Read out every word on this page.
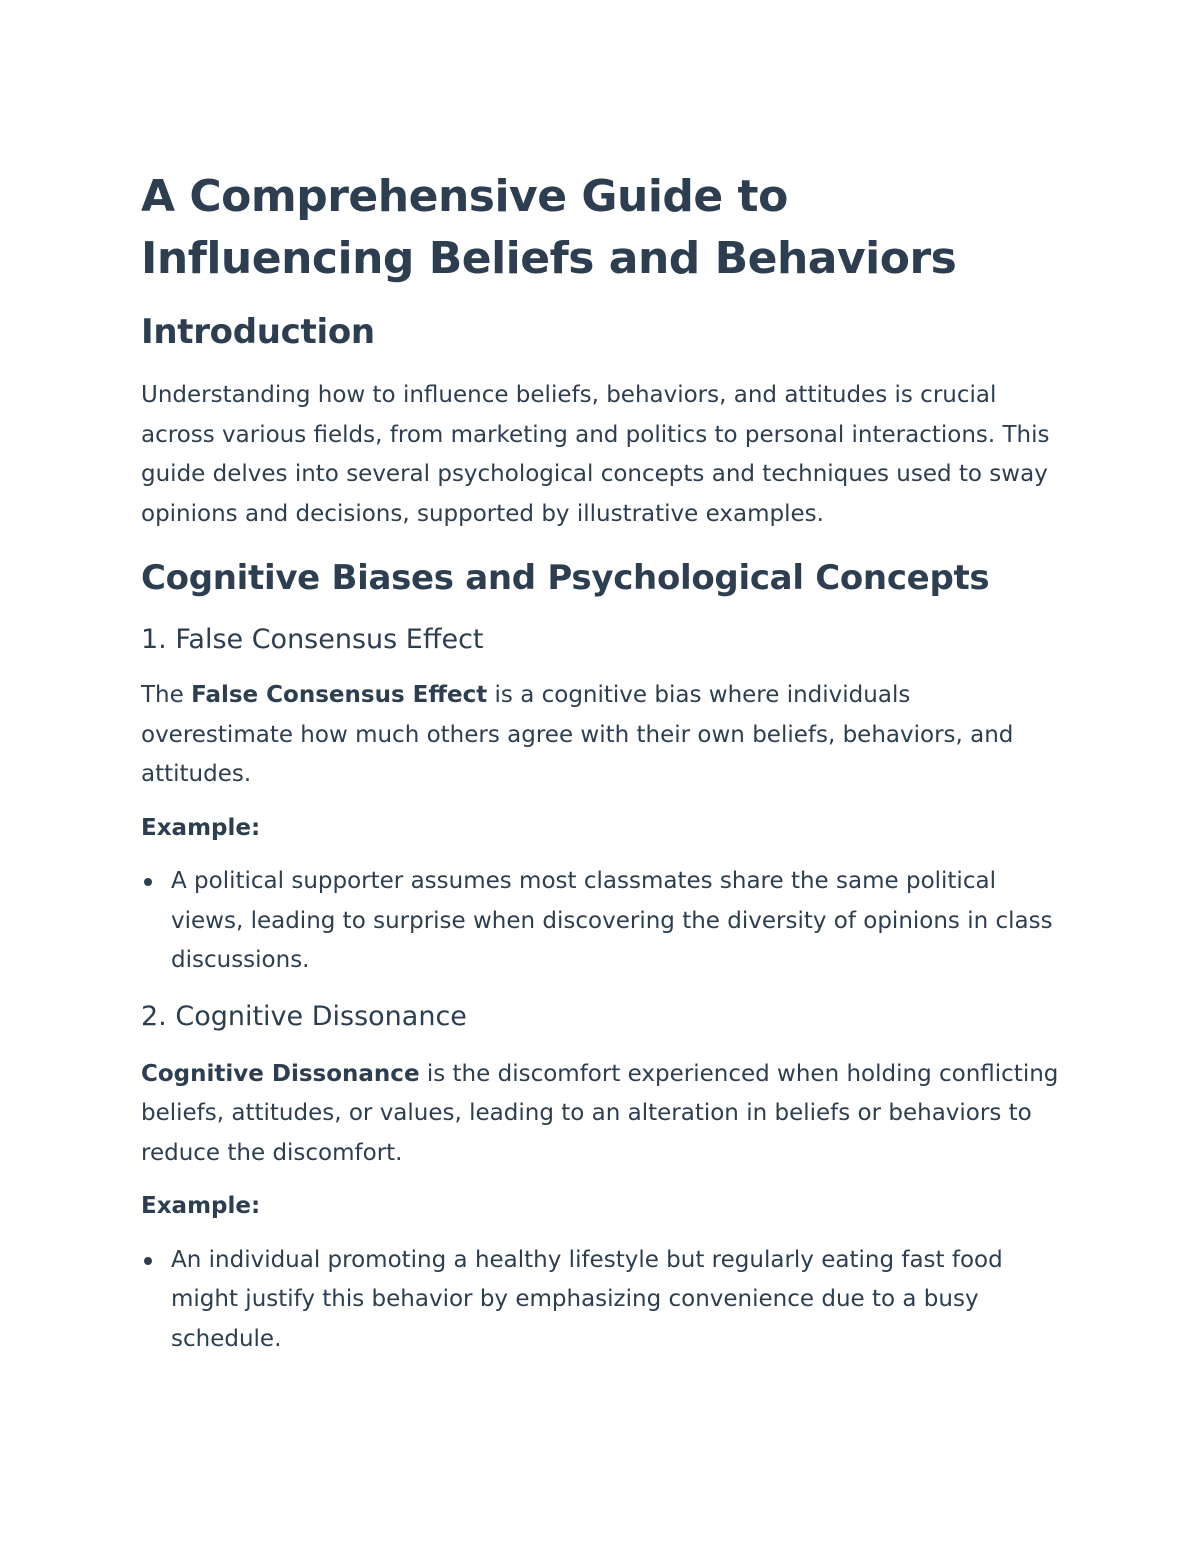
A Comprehensive Guide to Influencing Beliefs and Behaviors
Introduction

Understanding how to influence beliefs, behaviors, and attitudes is crucial across various fields, from marketing and politics to personal interactions. This guide delves into several psychological concepts and techniques used to sway opinions and decisions, supported by illustrative examples.

Cognitive Biases and Psychological Concepts
1. False Consensus Effect

The False Consensus Effect is a cognitive bias where individuals overestimate how much others agree with their own beliefs, behaviors, and attitudes.

Example:

A political supporter assumes most classmates share the same political views, leading to surprise when discovering the diversity of opinions in class discussions.
2. Cognitive Dissonance

Cognitive Dissonance is the discomfort experienced when holding conflicting beliefs, attitudes, or values, leading to an alteration in beliefs or behaviors to reduce the discomfort.

Example:

An individual promoting a healthy lifestyle but regularly eating fast food might justify this behavior by emphasizing convenience due to a busy schedule.
